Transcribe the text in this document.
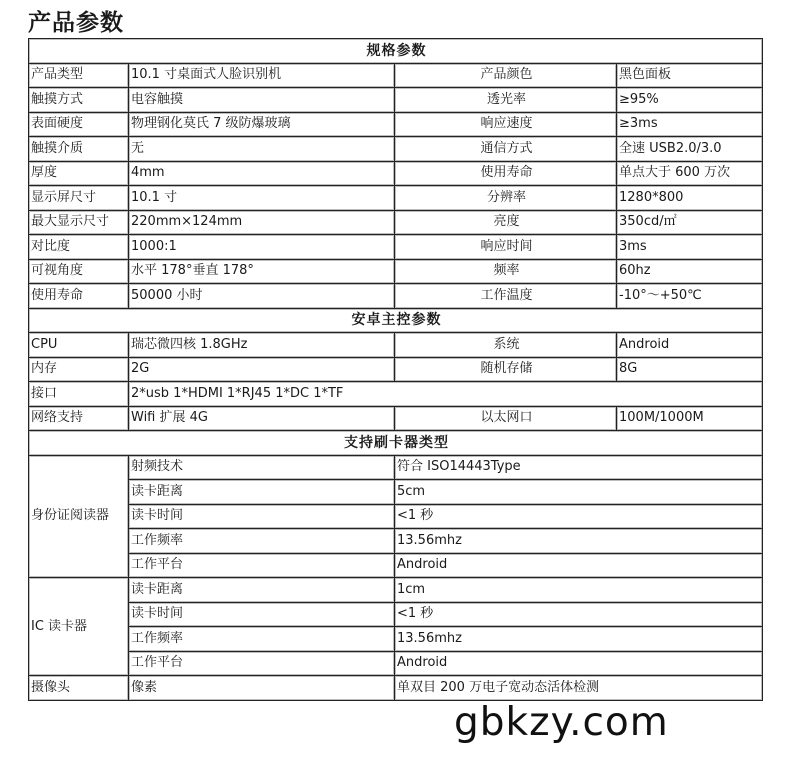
产品参数
规格参数			
产品类型	10.1 寸桌面式人脸识别机	产品颜色	黑色面板
触摸方式	电容触摸	透光率	≥95%
表面硬度	物理钢化莫氏 7 级防爆玻璃	响应速度	≥3ms
触摸介质	无	通信方式	全速 USB2.0/3.0
厚度	4mm	使用寿命	单点大于 600 万次
显示屏尺寸	10.1 寸	分辨率	1280*800
最大显示尺寸	220mm×124mm	亮度	350cd/㎡
对比度	1000:1	响应时间	3ms
可视角度	水平 178°垂直 178°	频率	60hz
使用寿命	50000 小时	工作温度	-10°～+50℃
安卓主控参数			
CPU	瑞芯微四核 1.8GHz	系统	Android
内存	2G	随机存储	8G
接口	2*usb 1*HDMI 1*RJ45 1*DC 1*TF		
网络支持	Wifi 扩展 4G	以太网口	100M/1000M
支持刷卡器类型			
身份证阅读器	射频技术	符合 ISO14443Type	
	读卡距离	5cm	
	读卡时间	<1 秒	
	工作频率	13.56mhz	
	工作平台	Android	
IC 读卡器	读卡距离	1cm	
	读卡时间	<1 秒	
	工作频率	13.56mhz	
	工作平台	Android	
摄像头	像素	单双目 200 万电子宽动态活体检测	
gbkzy.com
